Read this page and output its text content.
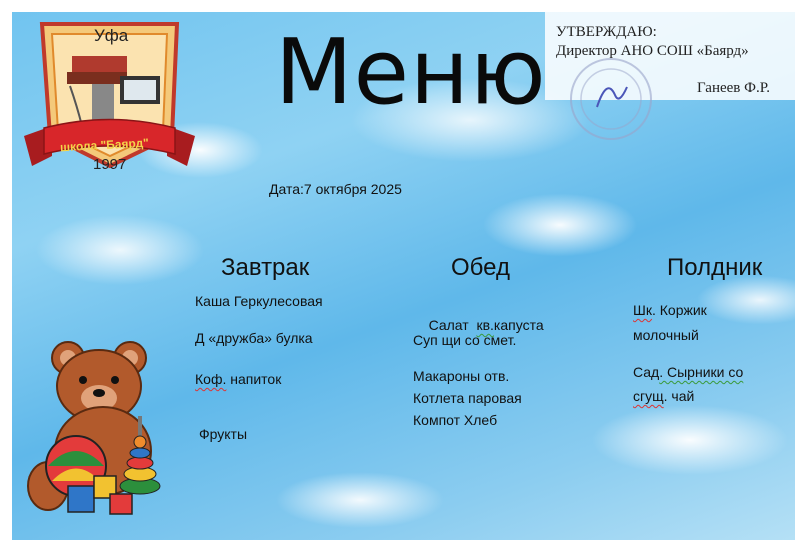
Уфа
школа "Баярд"
1997
Меню УТВЕРЖДАЮ:
Директор АНО СОШ «Баярд»
Ганеев Ф.Р.
Дата:7 октября 2025
Завтрак
Каша Геркулесовая
Д «дружба» булка
Коф. напиток
Фрукты
Обед

Салат  кв.капуста

Суп щи со смет.
Макароны отв.
Котлета паровая
Компот Хлеб
Полдник
Шк. Коржик
молочный
Сад. Сырники со
сгущ. чай
